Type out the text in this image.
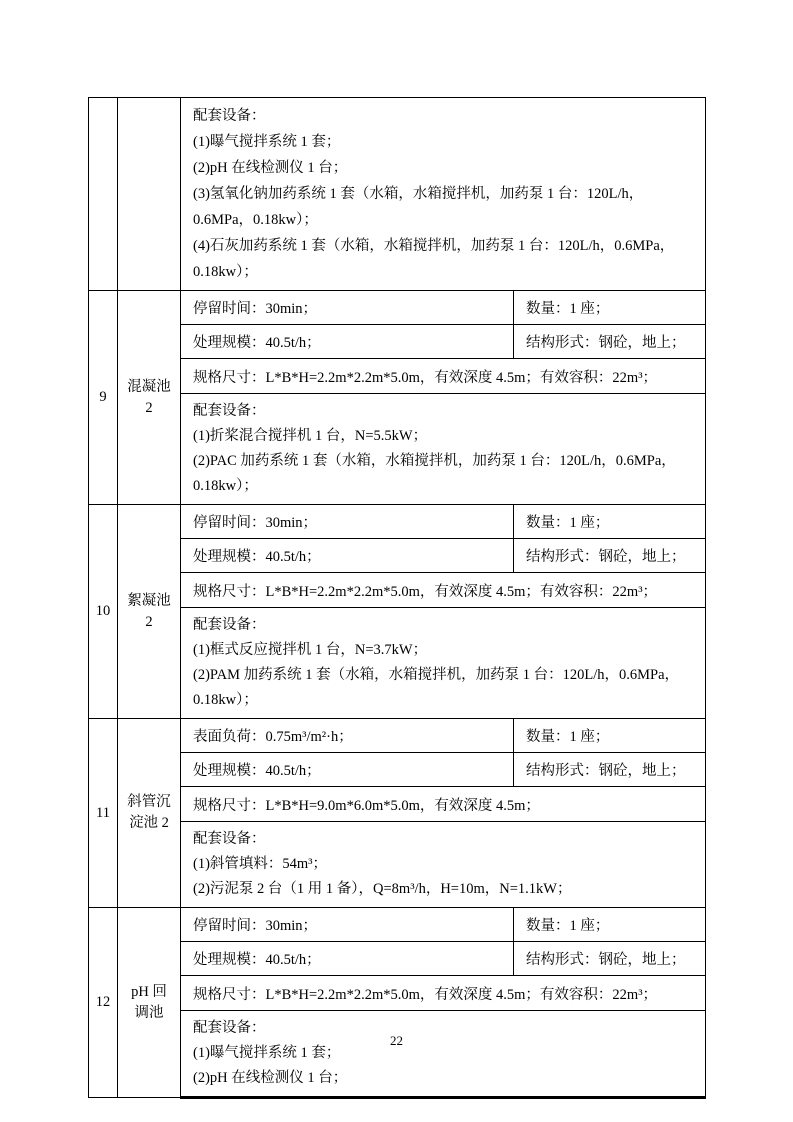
		配套设备：
(1)曝气搅拌系统 1 套；
(2)pH 在线检测仪 1 台；
(3)氢氧化钠加药系统 1 套（水箱，水箱搅拌机，加药泵 1 台：120L/h，0.6MPa，0.18kw）；
(4)石灰加药系统 1 套（水箱，水箱搅拌机，加药泵 1 台：120L/h，0.6MPa，0.18kw）；	

9	混凝池 2	停留时间：30min；	数量：1 座；
		处理规模：40.5t/h；	结构形式：钢砼，地上；
		规格尺寸：L*B*H=2.2m*2.2m*5.0m，有效深度 4.5m；有效容积：22m³；	

		配套设备：
(1)折桨混合搅拌机 1 台，N=5.5kW；
(2)PAC 加药系统 1 套（水箱，水箱搅拌机，加药泵 1 台：120L/h，0.6MPa，0.18kw）；	

10	絮凝池 2	停留时间：30min；	数量：1 座；
		处理规模：40.5t/h；	结构形式：钢砼，地上；
		规格尺寸：L*B*H=2.2m*2.2m*5.0m，有效深度 4.5m；有效容积：22m³；	

		配套设备：
(1)框式反应搅拌机 1 台，N=3.7kW；
(2)PAM 加药系统 1 套（水箱，水箱搅拌机，加药泵 1 台：120L/h，0.6MPa，0.18kw）；	

11	斜管沉淀池 2	表面负荷：0.75m³/m²·h；	数量：1 座；
		处理规模：40.5t/h；	结构形式：钢砼，地上；
		规格尺寸：L*B*H=9.0m*6.0m*5.0m，有效深度 4.5m；	

		配套设备：
(1)斜管填料：54m³；
(2)污泥泵 2 台（1 用 1 备），Q=8m³/h，H=10m，N=1.1kW；	

12	pH 回调池	停留时间：30min；	数量：1 座；
		处理规模：40.5t/h；	结构形式：钢砼，地上；
		规格尺寸：L*B*H=2.2m*2.2m*5.0m，有效深度 4.5m；有效容积：22m³；	

		配套设备：
(1)曝气搅拌系统 1 套；
(2)pH 在线检测仪 1 台；	
22
